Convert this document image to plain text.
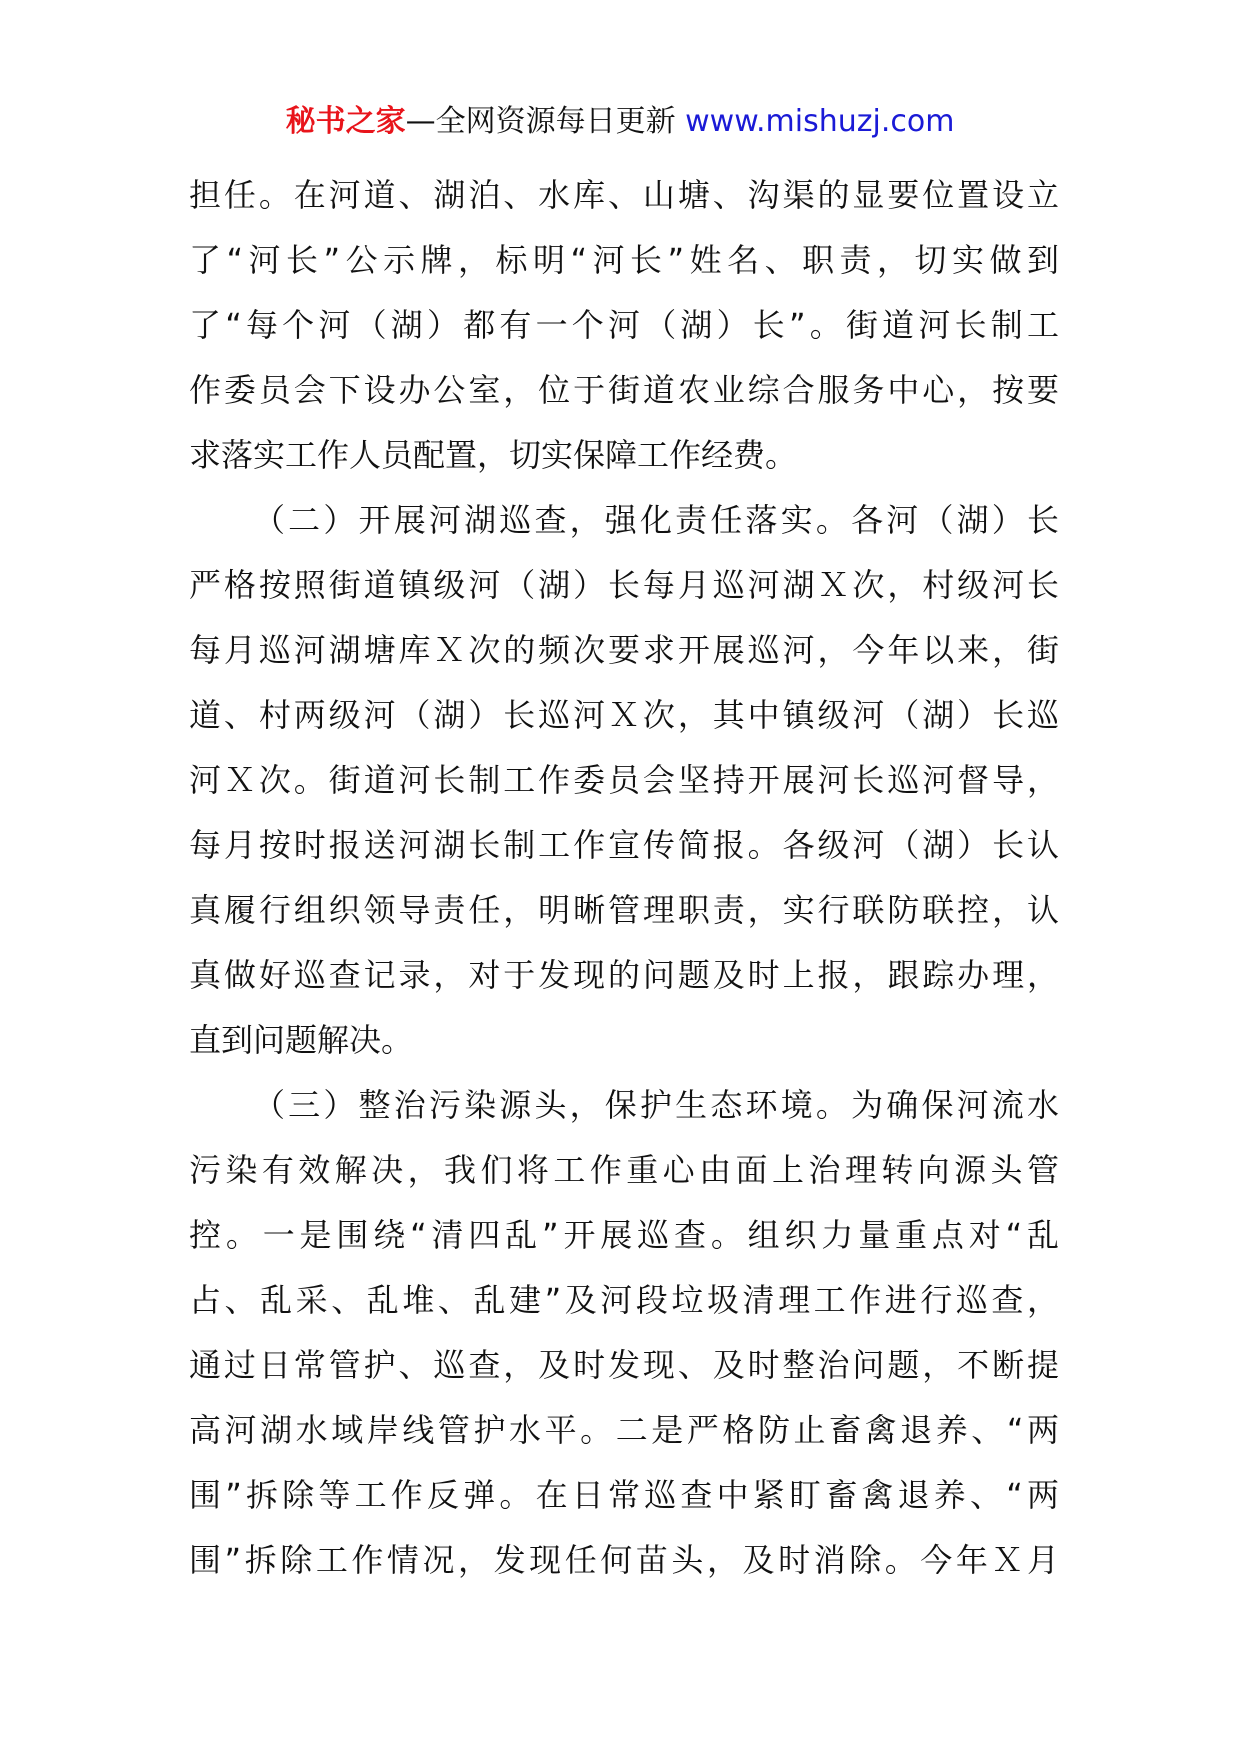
秘书之家—全网资源每日更新 www.mishuzj.com
担任。在河道、湖泊、水库、山塘、沟渠的显要位置设立
了“河长”公示牌，标明“河长”姓名、职责，切实做到
了“每个河（湖）都有一个河（湖）长”。街道河长制工
作委员会下设办公室，位于街道农业综合服务中心，按要
求落实工作人员配置，切实保障工作经费。
（二）开展河湖巡查，强化责任落实。各河（湖）长
严格按照街道镇级河（湖）长每月巡河湖Ｘ次，村级河长
每月巡河湖塘库Ｘ次的频次要求开展巡河，今年以来，街
道、村两级河（湖）长巡河Ｘ次，其中镇级河（湖）长巡
河Ｘ次。街道河长制工作委员会坚持开展河长巡河督导，
每月按时报送河湖长制工作宣传简报。各级河（湖）长认
真履行组织领导责任，明晰管理职责，实行联防联控，认
真做好巡查记录，对于发现的问题及时上报，跟踪办理，
直到问题解决。
（三）整治污染源头，保护生态环境。为确保河流水
污染有效解决，我们将工作重心由面上治理转向源头管
控。一是围绕“清四乱”开展巡查。组织力量重点对“乱
占、乱采、乱堆、乱建”及河段垃圾清理工作进行巡查，
通过日常管护、巡查，及时发现、及时整治问题，不断提
高河湖水域岸线管护水平。二是严格防止畜禽退养、“两
围”拆除等工作反弹。在日常巡查中紧盯畜禽退养、“两
围”拆除工作情况，发现任何苗头，及时消除。今年Ｘ月
